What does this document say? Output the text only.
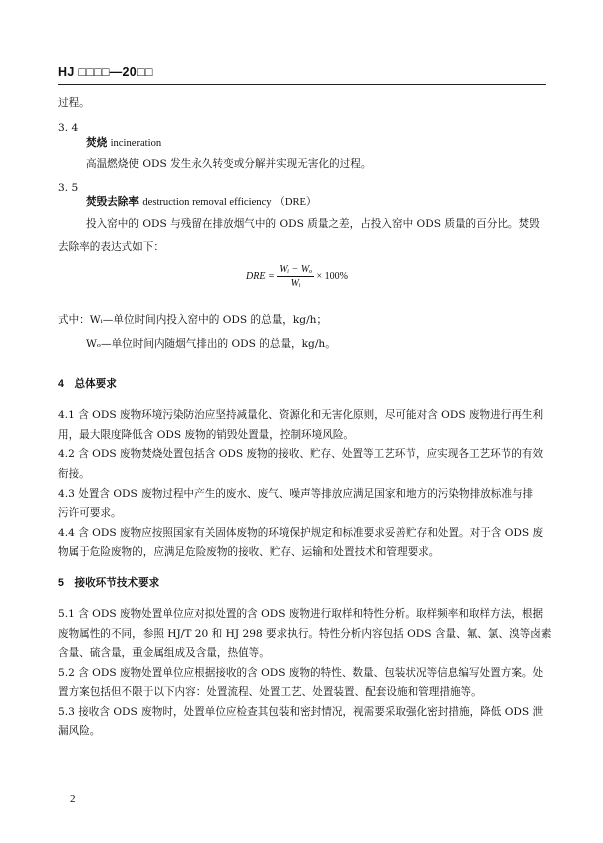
HJ □□□□—20□□
过程。
3. 4
焚烧 incineration
高温燃烧使 ODS 发生永久转变或分解并实现无害化的过程。
3. 5
焚毁去除率 destruction removal efficiency （DRE）
投入窑中的 ODS 与残留在排放烟气中的 ODS 质量之差，占投入窑中 ODS 质量的百分比。焚毁
去除率的表达式如下：
DRE = $\frac{\text{Wᵢ − Wₒ}}{\text{Wᵢ}} \times 100\%$
式中：Wᵢ—单位时间内投入窑中的 ODS 的总量，kg/h；
Wₒ—单位时间内随烟气排出的 ODS 的总量，kg/h。
4　总体要求
4.1 含 ODS 废物环境污染防治应坚持减量化、资源化和无害化原则，尽可能对含 ODS 废物进行再生利
用，最大限度降低含 ODS 废物的销毁处置量，控制环境风险。
4.2 含 ODS 废物焚烧处置包括含 ODS 废物的接收、贮存、处置等工艺环节，应实现各工艺环节的有效
衔接。
4.3 处置含 ODS 废物过程中产生的废水、废气、噪声等排放应满足国家和地方的污染物排放标准与排
污许可要求。
4.4 含 ODS 废物应按照国家有关固体废物的环境保护规定和标准要求妥善贮存和处置。对于含 ODS 废
物属于危险废物的，应满足危险废物的接收、贮存、运输和处置技术和管理要求。
5　接收环节技术要求
5.1 含 ODS 废物处置单位应对拟处置的含 ODS 废物进行取样和特性分析。取样频率和取样方法，根据
废物属性的不同，参照 HJ/T 20 和 HJ 298 要求执行。特性分析内容包括 ODS 含量、氟、氯、溴等卤素
含量、硫含量，重金属组成及含量，热值等。
5.2 含 ODS 废物处置单位应根据接收的含 ODS 废物的特性、数量、包装状况等信息编写处置方案。处
置方案包括但不限于以下内容：处置流程、处置工艺、处置装置、配套设施和管理措施等。
5.3 接收含 ODS 废物时，处置单位应检查其包装和密封情况，视需要采取强化密封措施，降低 ODS 泄
漏风险。
2
